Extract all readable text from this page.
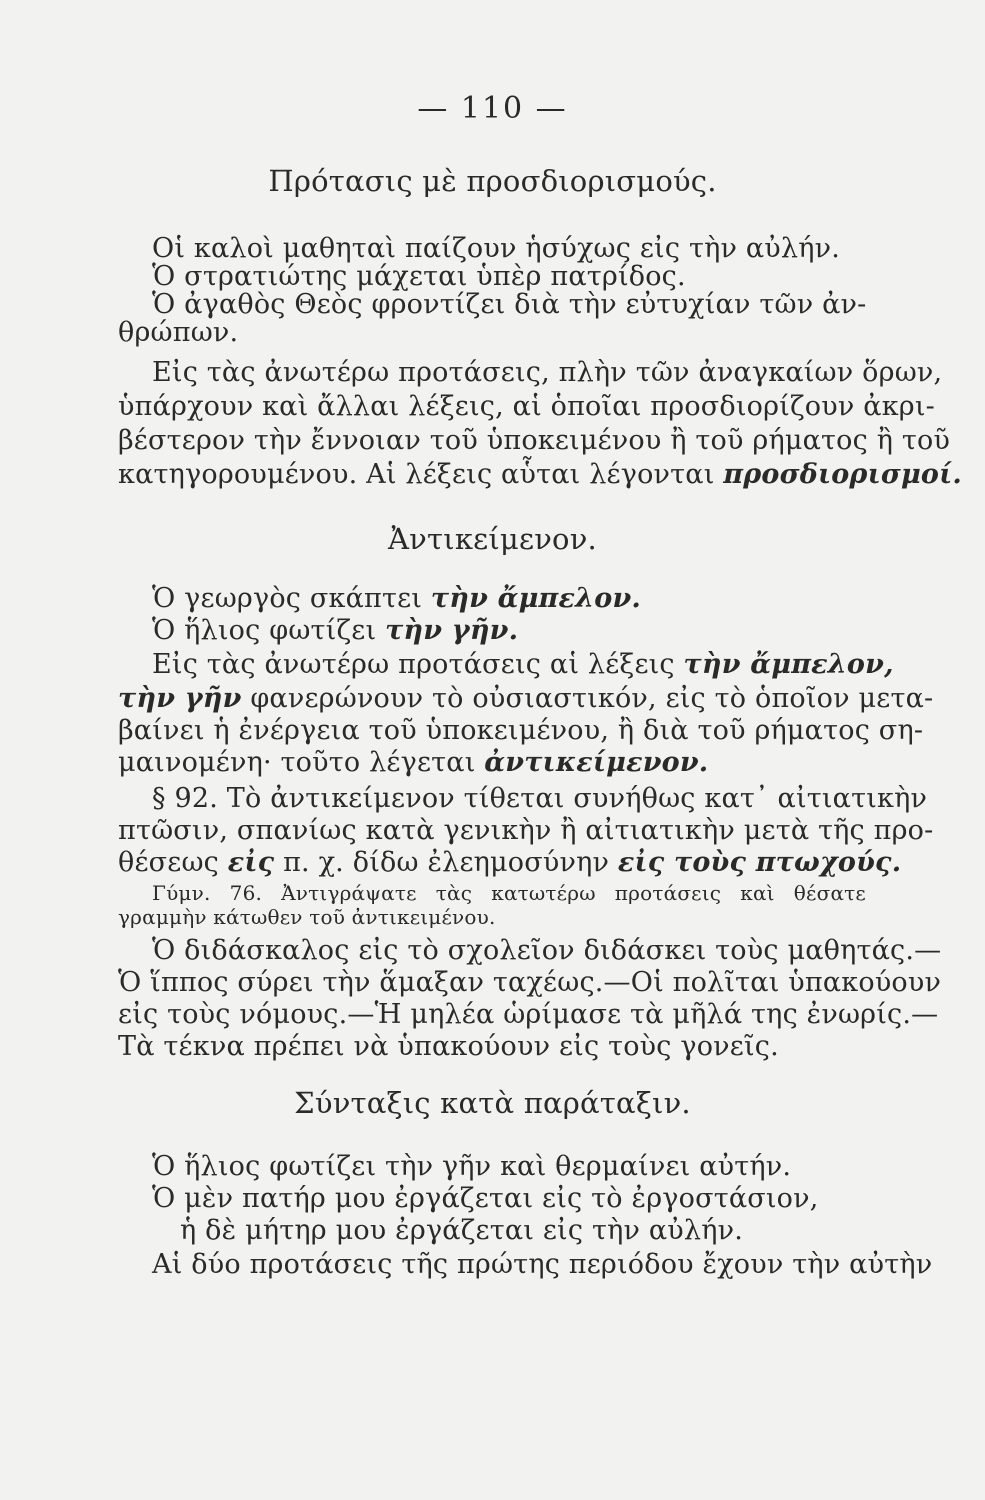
— 110 —

Πρότασις μὲ προσδιορισμούς.

Οἱ καλοὶ μαθηταὶ παίζουν ἡσύχως εἰς τὴν αὐλήν.

Ὁ στρατιώτης μάχεται ὑπὲρ πατρίδος.

Ὁ ἀγαθὸς Θεὸς φροντίζει διὰ τὴν εὐτυχίαν τῶν ἀν-

θρώπων.

Εἰς τὰς ἀνωτέρω προτάσεις, πλὴν τῶν ἀναγκαίων ὅρων,

ὑπάρχουν καὶ ἄλλαι λέξεις, αἱ ὁποῖαι προσδιορίζουν ἀκρι-

βέστερον τὴν ἔννοιαν τοῦ ὑποκειμένου ἢ τοῦ ρήματος ἢ τοῦ

κατηγορουμένου. Αἱ λέξεις αὗται λέγονται προσδιορισμοί.

Ἀντικείμενον.

Ὁ γεωργὸς σκάπτει τὴν ἄμπελον.

Ὁ ἥλιος φωτίζει τὴν γῆν.

Εἰς τὰς ἀνωτέρω προτάσεις αἱ λέξεις τὴν ἄμπελον,

τὴν γῆν φανερώνουν τὸ οὐσιαστικόν, εἰς τὸ ὁποῖον μετα-

βαίνει ἡ ἐνέργεια τοῦ ὑποκειμένου, ἢ διὰ τοῦ ρήματος ση-

μαινομένη· τοῦτο λέγεται ἀντικείμενον.

§ 92. Τὸ ἀντικείμενον τίθεται συνήθως κατ᾽ αἰτιατικὴν

πτῶσιν, σπανίως κατὰ γενικὴν ἢ αἰτιατικὴν μετὰ τῆς προ-

θέσεως εἰς π. χ. δίδω ἐλεημοσύνην εἰς τοὺς πτωχούς.

Γύμν. 76. Ἀντιγράψατε τὰς κατωτέρω προτάσεις καὶ θέσατε

γραμμὴν κάτωθεν τοῦ ἀντικειμένου.

Ὁ διδάσκαλος εἰς τὸ σχολεῖον διδάσκει τοὺς μαθητάς.—

Ὁ ἵππος σύρει τὴν ἅμαξαν ταχέως.—Οἱ πολῖται ὑπακούουν

εἰς τοὺς νόμους.—Ἡ μηλέα ὡρίμασε τὰ μῆλά της ἐνωρίς.—

Τὰ τέκνα πρέπει νὰ ὑπακούουν εἰς τοὺς γονεῖς.

Σύνταξις κατὰ παράταξιν.

Ὁ ἥλιος φωτίζει τὴν γῆν καὶ θερμαίνει αὐτήν.

Ὁ μὲν πατήρ μου ἐργάζεται εἰς τὸ ἐργοστάσιον,

ἡ δὲ μήτηρ μου ἐργάζεται εἰς τὴν αὐλήν.

Αἱ δύο προτάσεις τῆς πρώτης περιόδου ἔχουν τὴν αὐτὴν
